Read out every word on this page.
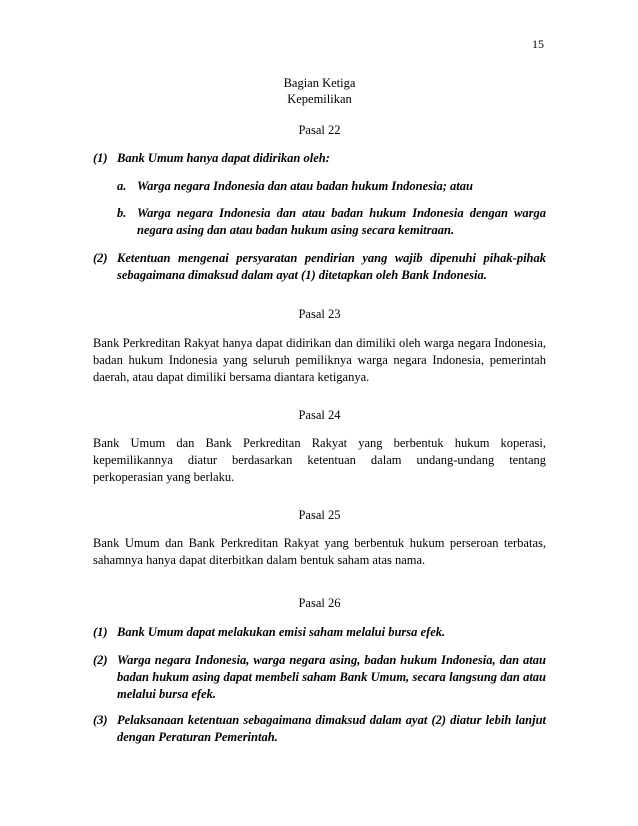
15
Bagian Ketiga
Kepemilikan
Pasal 22
(1) Bank Umum hanya dapat didirikan oleh:
a. Warga negara Indonesia dan atau badan hukum Indonesia; atau
b. Warga negara Indonesia dan atau badan hukum Indonesia dengan warga negara asing dan atau badan hukum asing secara kemitraan.
(2) Ketentuan mengenai persyaratan pendirian yang wajib dipenuhi pihak-pihak sebagaimana dimaksud dalam ayat (1) ditetapkan oleh Bank Indonesia.
Pasal 23
Bank Perkreditan Rakyat hanya dapat didirikan dan dimiliki oleh warga negara Indonesia, badan hukum Indonesia yang seluruh pemiliknya warga negara Indonesia, pemerintah daerah, atau dapat dimiliki bersama diantara ketiganya.
Pasal 24
Bank Umum dan Bank Perkreditan Rakyat yang berbentuk hukum koperasi, kepemilikannya diatur berdasarkan ketentuan dalam undang-undang tentang perkoperasian yang berlaku.
Pasal 25
Bank Umum dan Bank Perkreditan Rakyat yang berbentuk hukum perseroan terbatas, sahamnya hanya dapat diterbitkan dalam bentuk saham atas nama.
Pasal 26
(1) Bank Umum dapat melakukan emisi saham melalui bursa efek.
(2) Warga negara Indonesia, warga negara asing, badan hukum Indonesia, dan atau badan hukum asing dapat membeli saham Bank Umum, secara langsung dan atau melalui bursa efek.
(3) Pelaksanaan ketentuan sebagaimana dimaksud dalam ayat (2) diatur lebih lanjut dengan Peraturan Pemerintah.
